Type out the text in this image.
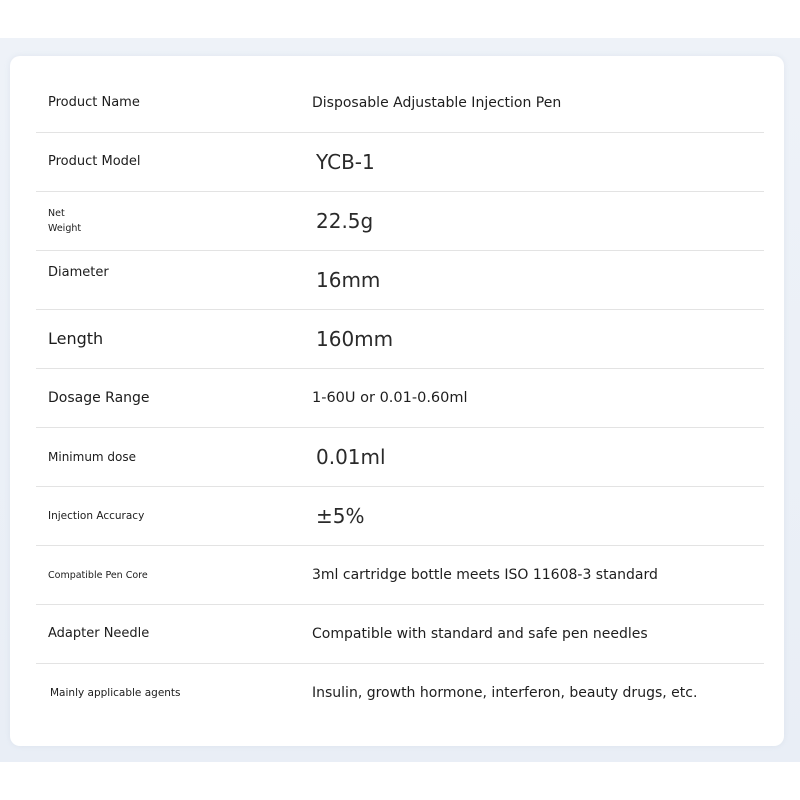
Product Name	Disposable Adjustable Injection Pen
Product Model	YCB-1
Net
Weight	22.5g
Diameter	16mm
Length	160mm
Dosage Range	1-60U or 0.01-0.60ml
Minimum dose	0.01ml
Injection Accuracy	±5%
Compatible Pen Core	3ml cartridge bottle meets ISO 11608-3 standard
Adapter Needle	Compatible with standard and safe pen needles
Mainly applicable agents	Insulin, growth hormone, interferon, beauty drugs, etc.
